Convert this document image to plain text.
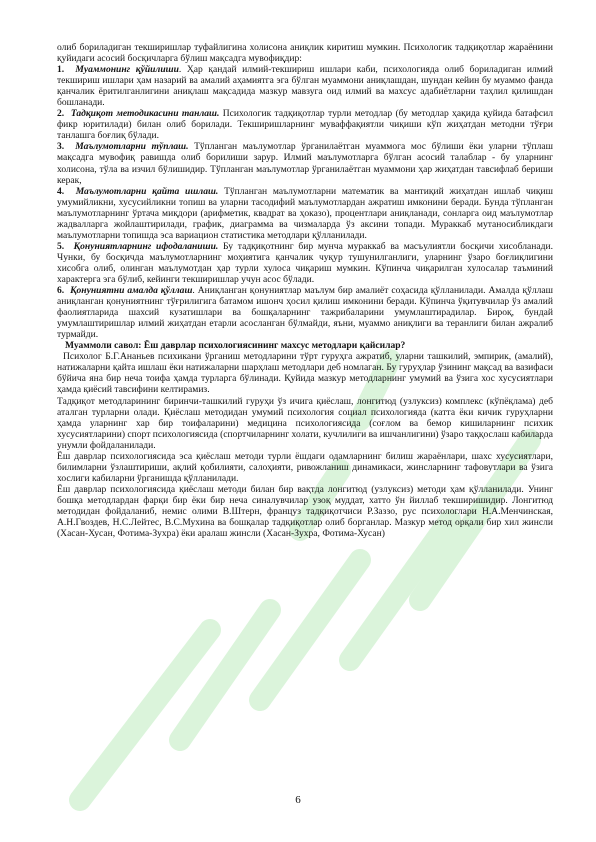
олиб бориладиган текширишлар туфайлигина холисона аниқлик киритиш мумкин. Психологик тадқиқотлар жараёнини қуйидаги асосий босқичларга бўлиш мақсадга мувофиқдир:

1. Муаммонинг қўйилиши. Ҳар қандай илмий-текшириш ишлари каби, психологияда олиб бориладиган илмий текшириш ишлари ҳам назарий ва амалий аҳамиятга эга бўлган муаммони аниқлашдан, шундан кейин бу муаммо фанда қанчалик ёритилганлигини аниқлаш мақсадида мазкур мавзуга оид илмий ва махсус адабиётларни таҳлил қилишдан бошланади.

2. Тадқиқот методикасини танлаш. Психологик тадқиқотлар турли методлар (бу методлар ҳақида қуйида батафсил фикр юритилади) билан олиб борилади. Текширишларнинг муваффақиятли чиқиши кўп жиҳатдан методни тўғри танлашга боғлиқ бўлади.

3. Маълумотларни тўплаш. Тўпланган маълумотлар ўрганилаётган муаммога мос бўлиши ёки уларни тўплаш мақсадга мувофиқ равишда олиб борилиши зарур. Илмий маълумотларга бўлган асосий талаблар - бу уларнинг холисона, тўла ва изчил бўлишидир. Тўпланган маълумотлар ўрганилаётган муаммони ҳар жиҳатдан тавсифлаб бериши керак,

4. Маълумотларни қайта ишлаш. Тўпланган маълумотларни математик ва мантиқий жиҳатдан ишлаб чиқиш умумийликни, хусусийликни топиш ва уларни тасодифий маълумотлардан ажратиш имконини беради. Бунда тўпланган маълумотларнинг ўртача миқдори (арифметик, квадрат ва ҳоказо), процентлари аниқланади, сонларга оид маълумотлар жадвалларга жойлаштирилади, график, диаграмма ва чизмаларда ўз аксини топади. Мураккаб мутаносибликдаги маълумотларни топишда эса вариацион статистика методлари қўлланилади.

5. Қонуниятларнинг ифодаланиши. Бу тадқиқотнинг бир мунча мураккаб ва масъулиятли босқичи хисобланади. Чунки, бу босқичда маълумотларнинг моҳиятига қанчалик чуқур тушунилганлиги, уларнинг ўзаро боғлиқлигини хисобга олиб, олинган маълумотдан ҳар турли хулоса чиқариш мумкин. Кўпинча чиқарилган хулосалар таъминий характерга эга бўлиб, кейинги текширишлар учун асос бўлади.

6. Қонуниятни амалда қўллаш. Аниқланган қонуниятлар маълум бир амалиёт соҳасида қўлланилади. Амалда қўллаш аниқланган қонуниятнинг тўғрилигига батамом ишонч ҳосил қилиш имконини беради. Кўпинча ўқитувчилар ўз амалий фаолиятларида шахсий кузатишлари ва бошқаларнинг тажрибаларини умумлаштирадилар. Бироқ, бундай умумлаштиришлар илмий жиҳатдан етарли асосланган бўлмайди, яъни, муаммо аниқлиги ва теранлиги билан ажралиб турмайди.

Муаммоли савол: Ёш даврлар психологиясининг махсус методлари қайсилар?

Психолог Б.Г.Ананьев психикани ўрганиш методларини тўрт гуруҳга ажратиб, уларни ташкилий, эмпирик, (амалий), натижаларни қайта ишлаш ёки натижаларни шарҳлаш методлари деб номлаган. Бу гуруҳлар ўзининг мақсад ва вазифаси бўйича яна бир неча тоифа ҳамда турларга бўлинади. Қуйида мазкур методларнинг умумий ва ўзига хос хусусиятлари ҳамда қиёсий тавсифини келтирамиз.

Тадқиқот методларининг биринчи-ташкилий гуруҳи ўз ичига қиёслаш, лонгитюд (узлуксиз) комплекс (кўпёқлама) деб аталган турларни олади. Қиёслаш методидан умумий психология социал психологияда (катта ёки кичик гуруҳларни ҳамда уларнинг хар бир тоифаларини) медицина психологиясида (соғлом ва бемор кишиларнинг психик хусусиятларини) спорт психологиясида (спортчиларнинг холати, кучлилиги ва ишчанлигини) ўзаро таққослаш кабиларда унумли фойдаланилади.

Ёш даврлар психологиясида эса қиёслаш методи турли ёшдаги одамларнинг билиш жараёнлари, шахс хусусиятлари, билимларни ўзлаштириши, ақлий қобилияти, салоҳияти, ривожланиш динамикаси, жинсларнинг тафовутлари ва ўзига хослиги кабиларни ўрганишда қўлланилади.

Ёш даврлар психологиясида қиёслаш методи билан бир вақтда лонгитюд (узлуксиз) методи ҳам қўлланилади. Унинг бошқа методлардан фарқи бир ёки бир неча синалувчилар узоқ муддат, хатто ўн йиллаб текширишидир. Лонгитюд методидан фойдаланиб, немис олими В.Штерн, француз тадқиқотчиси Р.Заззо, рус психологлари Н.А.Менчинская, А.Н.Гвоздев, Н.С.Лейтес, В.С.Мухина ва бошқалар тадқиқотлар олиб борганлар. Мазкур метод орқали бир хил жинсли (Хасан-Хусан, Фотима-Зухра) ёки аралаш жинсли (Хасан-Зухра, Фотима-Хусан)

6
